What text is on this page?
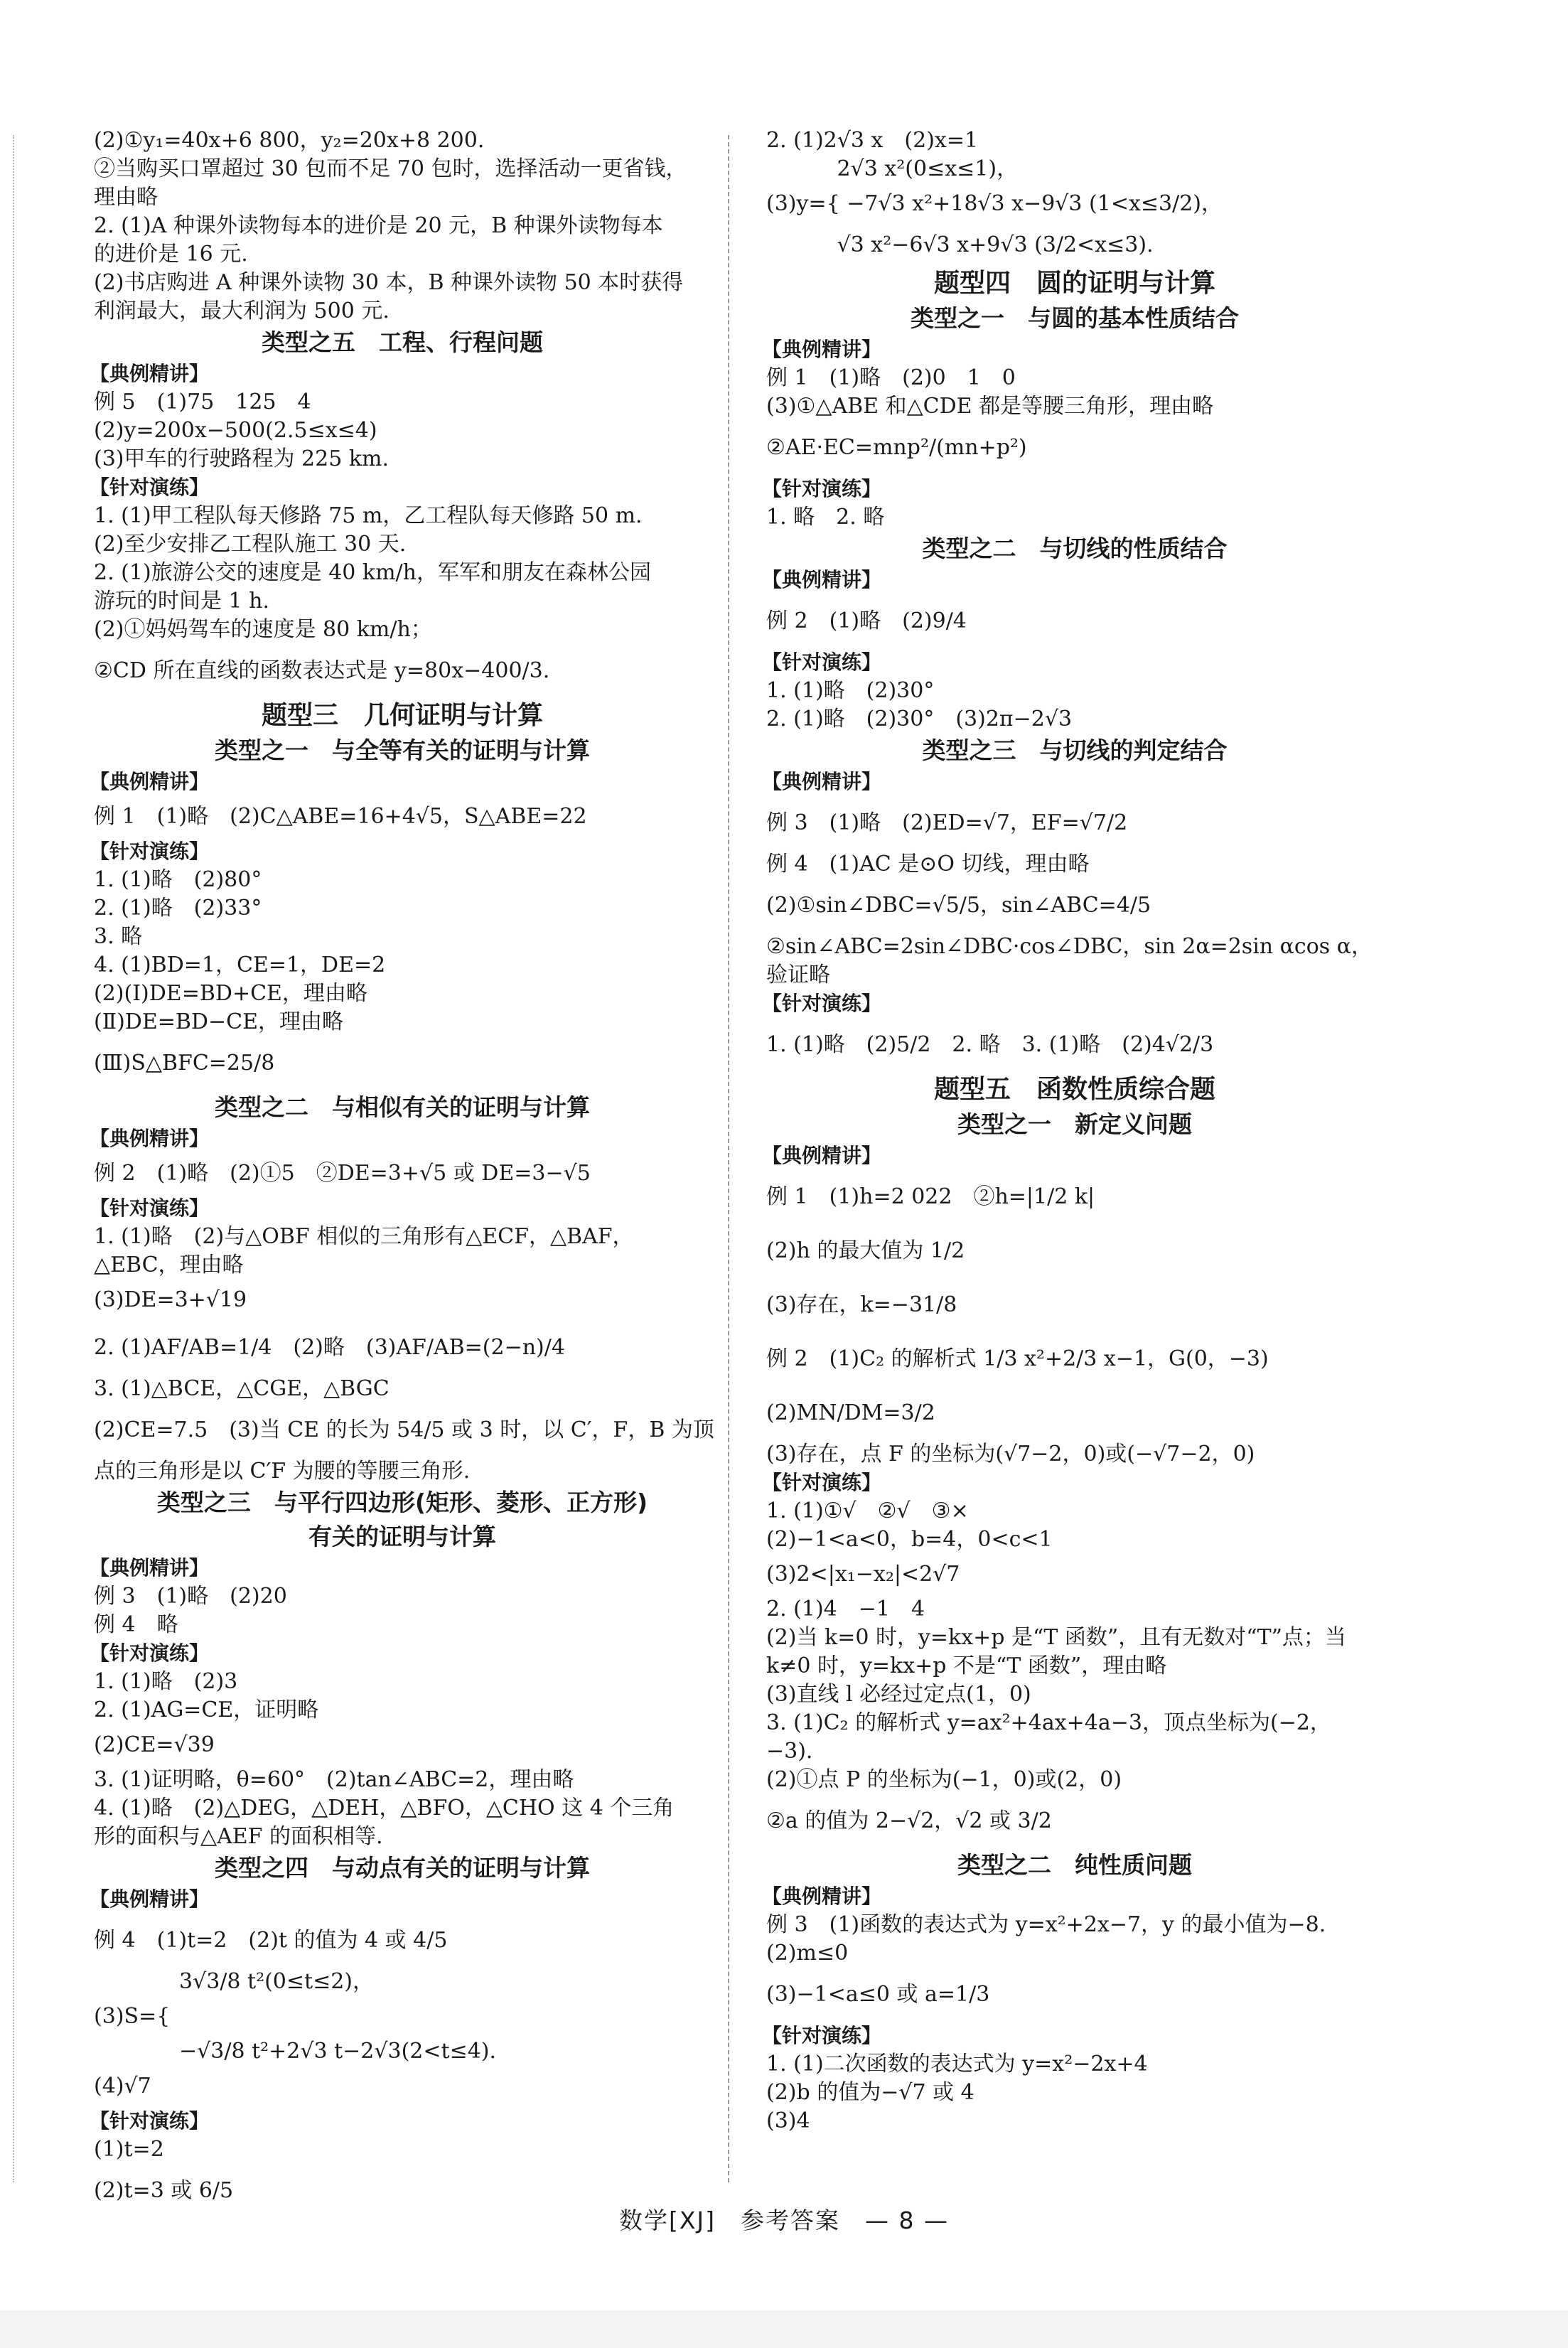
(2)①y₁=40x+6 800，y₂=20x+8 200.
②当购买口罩超过 30 包而不足 70 包时，选择活动一更省钱，
理由略
2. (1)A 种课外读物每本的进价是 20 元，B 种课外读物每本
的进价是 16 元.
(2)书店购进 A 种课外读物 30 本，B 种课外读物 50 本时获得
利润最大，最大利润为 500 元.
类型之五　工程、行程问题
【典例精讲】
例 5　(1)75　125　4
(2)y=200x−500(2.5≤x≤4)
(3)甲车的行驶路程为 225 km.
【针对演练】
1. (1)甲工程队每天修路 75 m，乙工程队每天修路 50 m.
(2)至少安排乙工程队施工 30 天.
2. (1)旅游公交的速度是 40 km/h，军军和朋友在森林公园
游玩的时间是 1 h.
(2)①妈妈驾车的速度是 80 km/h；
②CD 所在直线的函数表达式是 y=80x−400/3.
题型三　几何证明与计算
类型之一　与全等有关的证明与计算
【典例精讲】
例 1　(1)略　(2)C△ABE=16+4√5，S△ABE=22
【针对演练】
1. (1)略　(2)80°
2. (1)略　(2)33°
3. 略
4. (1)BD=1，CE=1，DE=2
(2)(Ⅰ)DE=BD+CE，理由略
(Ⅱ)DE=BD−CE，理由略
(Ⅲ)S△BFC=25/8
类型之二　与相似有关的证明与计算
【典例精讲】
例 2　(1)略　(2)①5　②DE=3+√5 或 DE=3−√5
【针对演练】
1. (1)略　(2)与△OBF 相似的三角形有△ECF，△BAF，
△EBC，理由略
(3)DE=3+√19
2. (1)AF/AB=1/4　(2)略　(3)AF/AB=(2−n)/4
3. (1)△BCE，△CGE，△BGC
(2)CE=7.5　(3)当 CE 的长为 54/5 或 3 时，以 C′，F，B 为顶
点的三角形是以 C′F 为腰的等腰三角形.
类型之三　与平行四边形(矩形、菱形、正方形)
有关的证明与计算
【典例精讲】
例 3　(1)略　(2)20
例 4　略
【针对演练】
1. (1)略　(2)3
2. (1)AG=CE，证明略
(2)CE=√39
3. (1)证明略，θ=60°　(2)tan∠ABC=2，理由略
4. (1)略　(2)△DEG，△DEH，△BFO，△CHO 这 4 个三角
形的面积与△AEF 的面积相等.
类型之四　与动点有关的证明与计算
【典例精讲】
例 4　(1)t=2　(2)t 的值为 4 或 4/5
　　　　3√3/8 t²(0≤t≤2)，
(3)S={
　　　　−√3/8 t²+2√3 t−2√3(2<t≤4).
(4)√7
【针对演练】
(1)t=2
(2)t=3 或 6/5
2. (1)2√3 x　(2)x=1
　　　 2√3 x²(0≤x≤1)，
(3)y={ −7√3 x²+18√3 x−9√3 (1<x≤3/2)，
　　　 √3 x²−6√3 x+9√3 (3/2<x≤3).
题型四　圆的证明与计算
类型之一　与圆的基本性质结合
【典例精讲】
例 1　(1)略　(2)0　1　0
(3)①△ABE 和△CDE 都是等腰三角形，理由略
②AE·EC=mnp²/(mn+p²)
【针对演练】
1. 略　2. 略
类型之二　与切线的性质结合
【典例精讲】
例 2　(1)略　(2)9/4
【针对演练】
1. (1)略　(2)30°
2. (1)略　(2)30°　(3)2π−2√3
类型之三　与切线的判定结合
【典例精讲】
例 3　(1)略　(2)ED=√7，EF=√7/2
例 4　(1)AC 是⊙O 切线，理由略
(2)①sin∠DBC=√5/5，sin∠ABC=4/5
②sin∠ABC=2sin∠DBC·cos∠DBC，sin 2α=2sin αcos α，
验证略
【针对演练】
1. (1)略　(2)5/2　2. 略　3. (1)略　(2)4√2/3
题型五　函数性质综合题
类型之一　新定义问题
【典例精讲】
例 1　(1)h=2 022　②h=|1/2 k|
(2)h 的最大值为 1/2
(3)存在，k=−31/8
例 2　(1)C₂ 的解析式 1/3 x²+2/3 x−1，G(0，−3)
(2)MN/DM=3/2
(3)存在，点 F 的坐标为(√7−2，0)或(−√7−2，0)
【针对演练】
1. (1)①√　②√　③×
(2)−1<a<0，b=4，0<c<1
(3)2<|x₁−x₂|<2√7
2. (1)4　−1　4
(2)当 k=0 时，y=kx+p 是“T 函数”，且有无数对“T”点；当
k≠0 时，y=kx+p 不是“T 函数”，理由略
(3)直线 l 必经过定点(1，0)
3. (1)C₂ 的解析式 y=ax²+4ax+4a−3，顶点坐标为(−2，
−3).
(2)①点 P 的坐标为(−1，0)或(2，0)
②a 的值为 2−√2，√2 或 3/2
类型之二　纯性质问题
【典例精讲】
例 3　(1)函数的表达式为 y=x²+2x−7，y 的最小值为−8.
(2)m≤0
(3)−1<a≤0 或 a=1/3
【针对演练】
1. (1)二次函数的表达式为 y=x²−2x+4
(2)b 的值为−√7 或 4
(3)4
数学[XJ]　参考答案　— 8 —
